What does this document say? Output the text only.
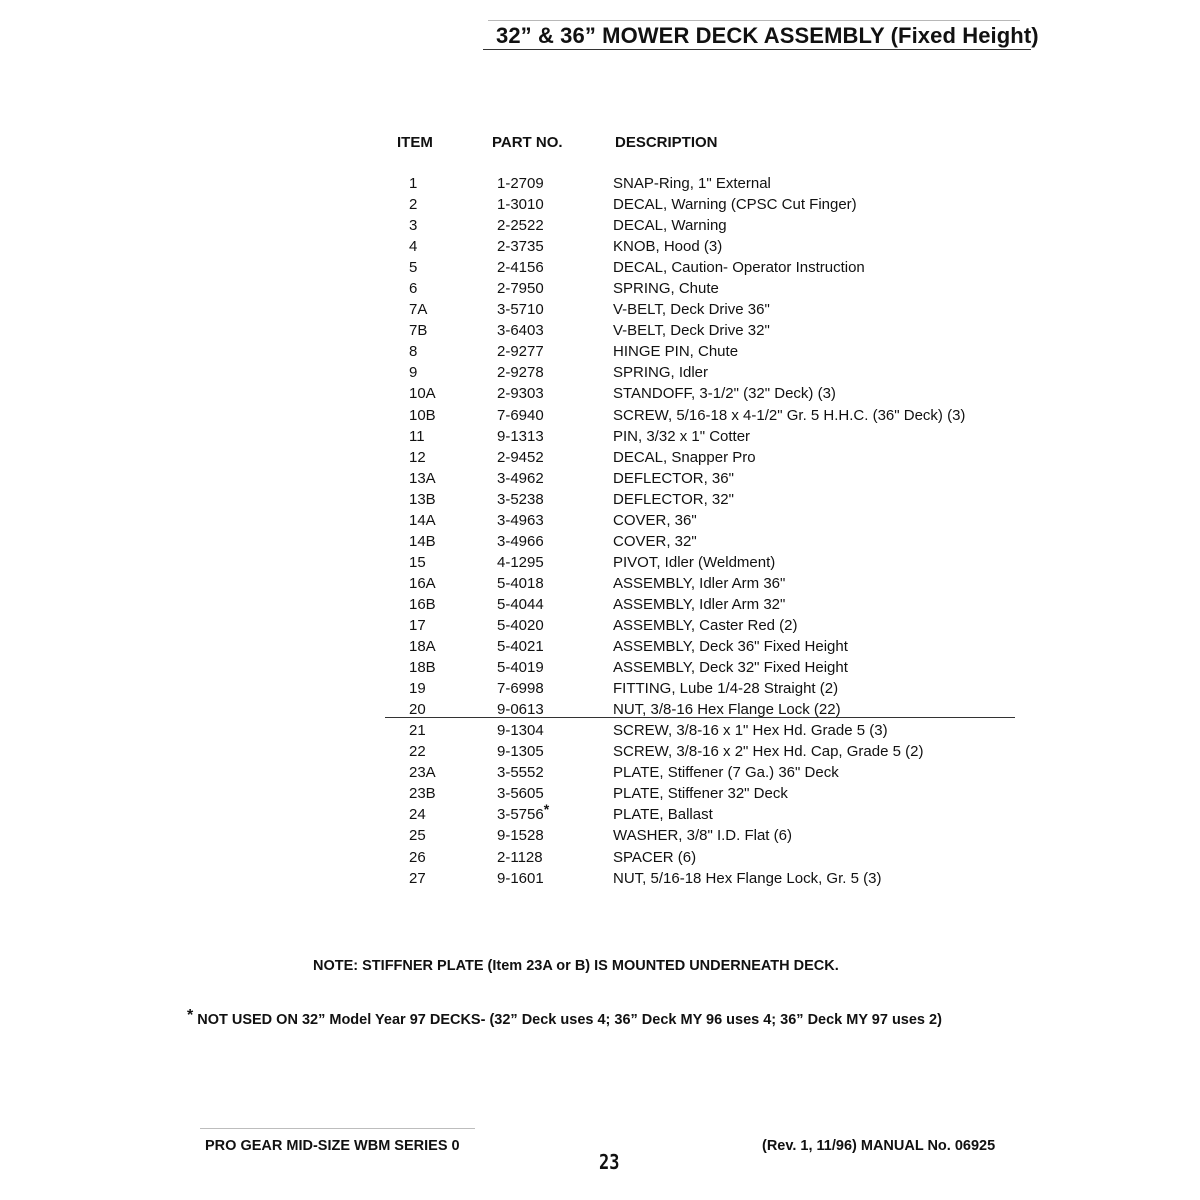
32” & 36” MOWER DECK ASSEMBLY (Fixed Height)
ITEM	PART NO.	DESCRIPTION
1	1-2709	SNAP-Ring, 1" External
2	1-3010	DECAL, Warning (CPSC Cut Finger)
3	2-2522	DECAL, Warning
4	2-3735	KNOB, Hood (3)
5	2-4156	DECAL, Caution- Operator Instruction
6	2-7950	SPRING, Chute
7A	3-5710	V-BELT, Deck Drive 36"
7B	3-6403	V-BELT, Deck Drive 32"
8	2-9277	HINGE PIN, Chute
9	2-9278	SPRING, Idler
10A	2-9303	STANDOFF, 3-1/2" (32" Deck) (3)
10B	7-6940	SCREW, 5/16-18 x 4-1/2" Gr. 5 H.H.C. (36" Deck) (3)
11	9-1313	PIN, 3/32 x 1" Cotter
12	2-9452	DECAL, Snapper Pro
13A	3-4962	DEFLECTOR, 36"
13B	3-5238	DEFLECTOR, 32"
14A	3-4963	COVER, 36"
14B	3-4966	COVER, 32"
15	4-1295	PIVOT, Idler (Weldment)
16A	5-4018	ASSEMBLY, Idler Arm 36"
16B	5-4044	ASSEMBLY, Idler Arm 32"
17	5-4020	ASSEMBLY, Caster Red (2)
18A	5-4021	ASSEMBLY, Deck 36" Fixed Height
18B	5-4019	ASSEMBLY, Deck 32" Fixed Height
19	7-6998	FITTING, Lube 1/4-28 Straight (2)
20	9-0613	NUT, 3/8-16 Hex Flange Lock (22)
21	9-1304	SCREW, 3/8-16 x 1" Hex Hd. Grade 5 (3)
22	9-1305	SCREW, 3/8-16 x 2" Hex Hd. Cap, Grade 5 (2)
23A	3-5552	PLATE, Stiffener (7 Ga.) 36" Deck
23B	3-5605	PLATE, Stiffener 32" Deck
24	3-5756*	PLATE, Ballast
25	9-1528	WASHER, 3/8" I.D. Flat (6)
26	2-1128	SPACER (6)
27	9-1601	NUT, 5/16-18 Hex Flange Lock, Gr. 5 (3)
NOTE: STIFFNER PLATE (Item 23A or B) IS MOUNTED UNDERNEATH DECK.
* NOT USED ON 32” Model Year 97 DECKS- (32” Deck uses 4; 36” Deck MY 96 uses 4; 36” Deck MY 97 uses 2)
PRO GEAR MID-SIZE WBM SERIES 0
23
(Rev. 1, 11/96) MANUAL No. 06925
